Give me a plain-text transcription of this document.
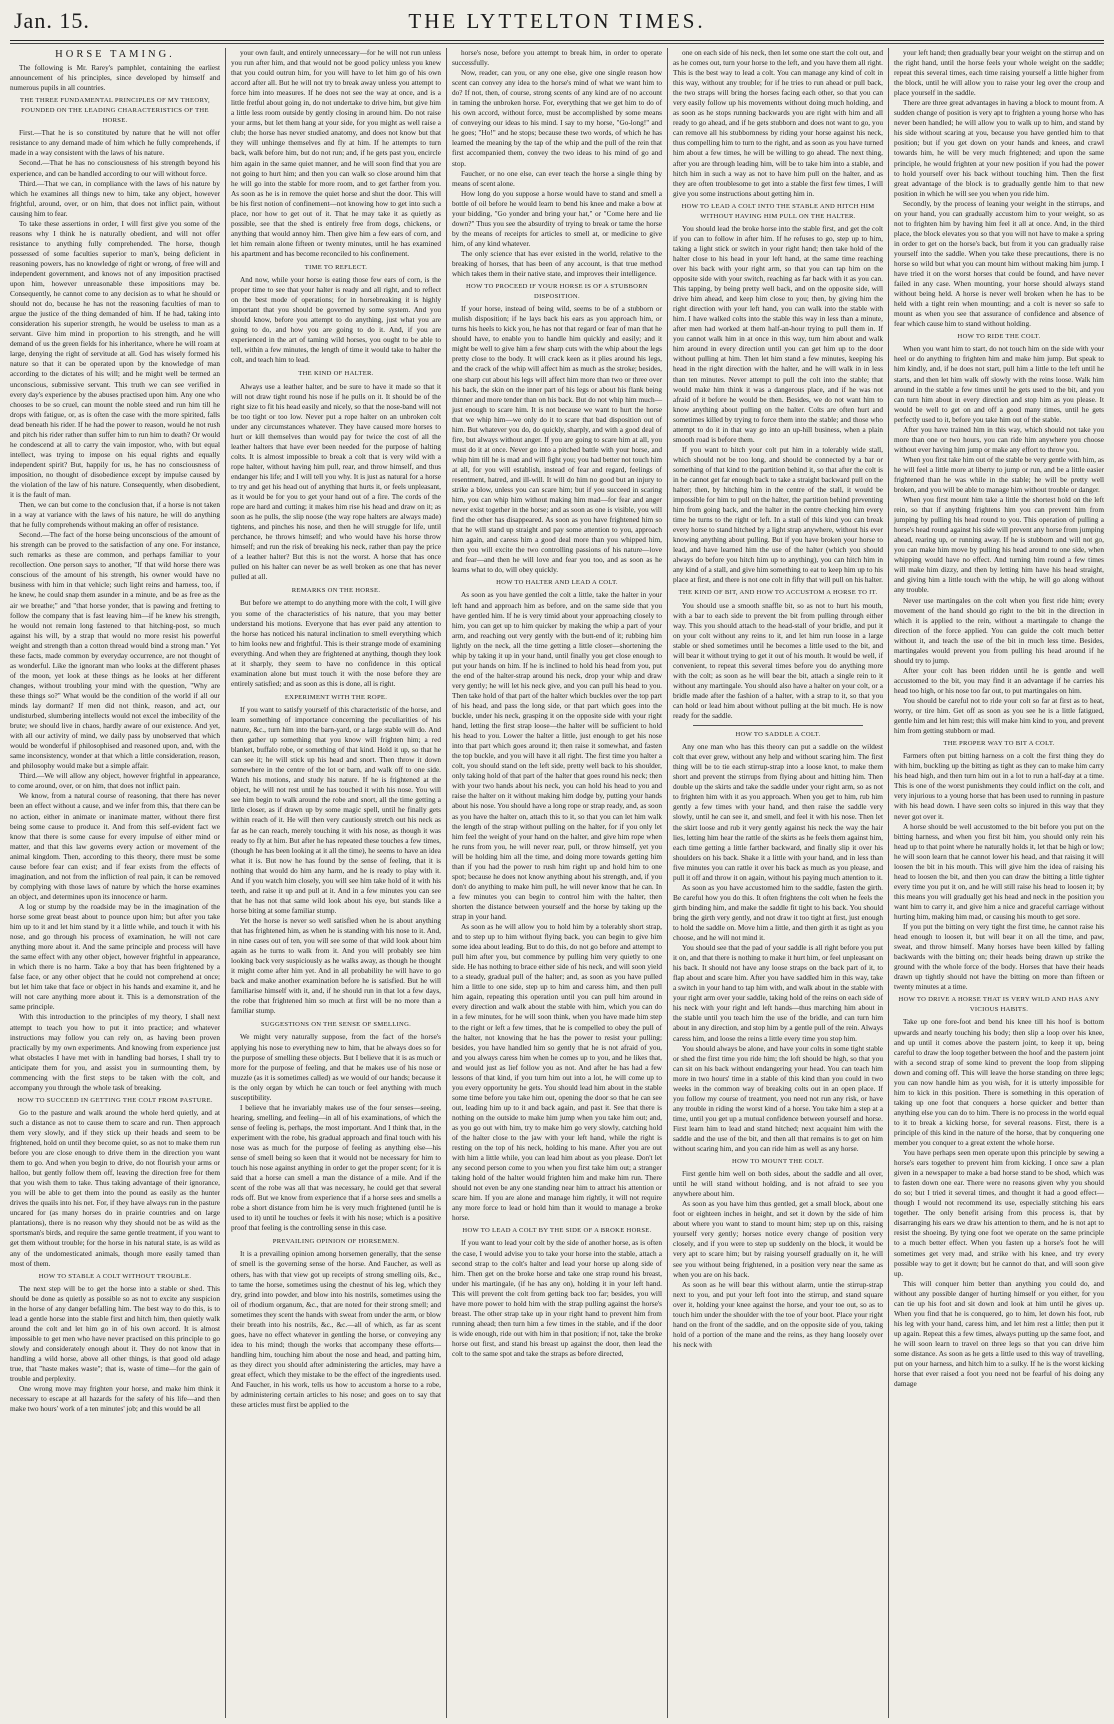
Jan. 15.	THE LYTTELTON TIMES.
HORSE TAMING.

The following is Mr. Rarey's pamphlet, containing the earliest announcement of his principles, since developed by himself and numerous pupils in all countries.

THE THREE FUNDAMENTAL PRINCIPLES OF MY THEORY, FOUNDED ON THE LEADING CHARACTERISTICS OF THE HORSE.

First.—That he is so constituted by nature that he will not offer resistance to any demand made of him which he fully comprehends, if made in a way consistent with the laws of his nature.

Second.—That he has no consciousness of his strength beyond his experience, and can be handled according to our will without force.

Third.—That we can, in compliance with the laws of his nature by which he examines all things new to him, take any object, however frightful, around, over, or on him, that does not inflict pain, without causing him to fear.

To take these assertions in order, I will first give you some of the reasons why I think he is naturally obedient, and will not offer resistance to anything fully comprehended. The horse, though possessed of some faculties superior to man's, being deficient in reasoning powers, has no knowledge of right or wrong, of free will and independent government, and knows not of any imposition practised upon him, however unreasonable these impositions may be. Consequently, he cannot come to any decision as to what he should or should not do, because he has not the reasoning faculties of man to argue the justice of the thing demanded of him. If he had, taking into consideration his superior strength, he would be useless to man as a servant. Give him mind in proportion to his strength, and he will demand of us the green fields for his inheritance, where he will roam at large, denying the right of servitude at all. God has wisely formed his nature so that it can be operated upon by the knowledge of man according to the dictates of his will; and he might well be termed an unconscious, submissive servant. This truth we can see verified in every day's experience by the abuses practised upon him. Any one who chooses to be so cruel, can mount the noble steed and run him till he drops with fatigue, or, as is often the case with the more spirited, falls dead beneath his rider. If he had the power to reason, would he not rush and pitch his rider rather than suffer him to run him to death? Or would he condescend at all to carry the vain impostor, who, with but equal intellect, was trying to impose on his equal rights and equally independent spirit? But, happily for us, he has no consciousness of imposition, no thought of disobedience except by impulse caused by the violation of the law of his nature. Consequently, when disobedient, it is the fault of man.

Then, we can but come to the conclusion that, if a horse is not taken in a way at variance with the laws of his nature, he will do anything that he fully comprehends without making an offer of resistance.

Second.—The fact of the horse being unconscious of the amount of his strength can be proved to the satisfaction of any one. For instance, such remarks as these are common, and perhaps familiar to your recollection. One person says to another, "If that wild horse there was conscious of the amount of his strength, his owner would have no business with him in that vehicle; such light reins and harness, too, if he knew, he could snap them asunder in a minute, and be as free as the air we breathe;" and "that horse yonder, that is pawing and fretting to follow the company that is fast leaving him—if he knew his strength, he would not remain long fastened to that hitching-post, so much against his will, by a strap that would no more resist his powerful weight and strength than a cotton thread would bind a strong man." Yet these facts, made common by everyday occurrence, are not thought of as wonderful. Like the ignorant man who looks at the different phases of the moon, yet look at these things as he looks at her different changes, without troubling your mind with the question, "Why are these things so?" What would be the condition of the world if all our minds lay dormant? If men did not think, reason, and act, our undisturbed, slumbering intellects would not excel the imbecility of the brute; we should live in chaos, hardly aware of our existence. And yet, with all our activity of mind, we daily pass by unobserved that which would be wonderful if philosophised and reasoned upon, and, with the same inconsistency, wonder at that which a little consideration, reason, and philosophy would make but a simple affair.

Third.—We will allow any object, however frightful in appearance, to come around, over, or on him, that does not inflict pain.

We know, from a natural course of reasoning, that there has never been an effect without a cause, and we infer from this, that there can be no action, either in animate or inanimate matter, without there first being some cause to produce it. And from this self-evident fact we know that there is some cause for every impulse of either mind or matter, and that this law governs every action or movement of the animal kingdom. Then, according to this theory, there must be some cause before fear can exist; and if fear exists from the effects of imagination, and not from the infliction of real pain, it can be removed by complying with those laws of nature by which the horse examines an object, and determines upon its innocence or harm.

A log or stump by the roadside may be in the imagination of the horse some great beast about to pounce upon him; but after you take him up to it and let him stand by it a little while, and touch it with his nose, and go through his process of examination, he will not care anything more about it. And the same principle and process will have the same effect with any other object, however frightful in appearance, in which there is no harm. Take a boy that has been frightened by a false face, or any other object that he could not comprehend at once; but let him take that face or object in his hands and examine it, and he will not care anything more about it. This is a demonstration of the same principle.

With this introduction to the principles of my theory, I shall next attempt to teach you how to put it into practice; and whatever instructions may follow you can rely on, as having been proven practically by my own experiments. And knowing from experience just what obstacles I have met with in handling bad horses, I shall try to anticipate them for you, and assist you in surmounting them, by commencing with the first steps to be taken with the colt, and accompany you through the whole task of breaking.

HOW TO SUCCEED IN GETTING THE COLT FROM PASTURE.

Go to the pasture and walk around the whole herd quietly, and at such a distance as not to cause them to scare and run. Then approach them very slowly, and if they stick up their heads and seem to be frightened, hold on until they become quiet, so as not to make them run before you are close enough to drive them in the direction you want them to go. And when you begin to drive, do not flourish your arms or halloo, but gently follow them off, leaving the direction free for them that you wish them to take. Thus taking advantage of their ignorance, you will be able to get them into the pound as easily as the hunter drives the quails into his net. For, if they have always run in the pasture uncared for (as many horses do in prairie countries and on large plantations), there is no reason why they should not be as wild as the sportsman's birds, and require the same gentle treatment, if you want to get them without trouble; for the horse in his natural state, is as wild as any of the undomesticated animals, though more easily tamed than most of them.

HOW TO STABLE A COLT WITHOUT TROUBLE.

The next step will be to get the horse into a stable or shed. This should be done as quietly as possible so as not to excite any suspicion in the horse of any danger befalling him. The best way to do this, is to lead a gentle horse into the stable first and hitch him, then quietly walk around the colt and let him go in of his own accord. It is almost impossible to get men who have never practised on this principle to go slowly and considerately enough about it. They do not know that in handling a wild horse, above all other things, is that good old adage true, that "haste makes waste"; that is, waste of time—for the gain of trouble and perplexity.

One wrong move may frighten your horse, and make him think it necessary to escape at all hazards for the safety of his life—and then make two hours' work of a ten minutes' job; and this would be all

your own fault, and entirely unnecessary—for he will not run unless you run after him, and that would not be good policy unless you knew that you could outrun him, for you will have to let him go of his own accord after all. But he will not try to break away unless you attempt to force him into measures. If he does not see the way at once, and is a little fretful about going in, do not undertake to drive him, but give him a little less room outside by gently closing in around him. Do not raise your arms, but let them hang at your side, for you might as well raise a club; the horse has never studied anatomy, and does not know but that they will unhinge themselves and fly at him. If he attempts to turn back, walk before him, but do not run; and, if he gets past you, encircle him again in the same quiet manner, and he will soon find that you are not going to hurt him; and then you can walk so close around him that he will go into the stable for more room, and to get farther from you. As soon as he is in remove the quiet horse and shut the door. This will be his first notion of confinement—not knowing how to get into such a place, nor how to get out of it. That he may take it as quietly as possible, see that the shed is entirely free from dogs, chickens, or anything that would annoy him. Then give him a few ears of corn, and let him remain alone fifteen or twenty minutes, until he has examined his apartment and has become reconciled to his confinement.

TIME TO REFLECT.

And now, while your horse is eating those few ears of corn, is the proper time to see that your halter is ready and all right, and to reflect on the best mode of operations; for in horsebreaking it is highly important that you should be governed by some system. And you should know, before you attempt to do anything, just what you are going to do, and how you are going to do it. And, if you are experienced in the art of taming wild horses, you ought to be able to tell, within a few minutes, the length of time it would take to halter the colt, and teach him to lead.

THE KIND OF HALTER.

Always use a leather halter, and be sure to have it made so that it will not draw tight round his nose if he pulls on it. It should be of the right size to fit his head easily and nicely, so that the nose-band will not be too tight or too low. Never put a rope halter on an unbroken colt under any circumstances whatever. They have caused more horses to hurt or kill themselves than would pay for twice the cost of all the leather halters that have ever been needed for the purpose of halting colts. It is almost impossible to break a colt that is very wild with a rope halter, without having him pull, rear, and throw himself, and thus endanger his life; and I will tell you why. It is just as natural for a horse to try and get his head out of anything that hurts it, or feels unpleasant, as it would be for you to get your hand out of a fire. The cords of the rope are hard and cutting; it makes him rise his head and draw on it; as soon as he pulls, the slip noose (the way rope halters are always made) tightens, and pinches his nose, and then he will struggle for life, until perchance, he throws himself; and who would have his horse throw himself; and run the risk of breaking his neck, rather than pay the price of a leather halter? But this is not the worst. A horse that has once pulled on his halter can never be as well broken as one that has never pulled at all.

REMARKS ON THE HORSE.

But before we attempt to do anything more with the colt, I will give you some of the characteristics of his nature, that you may better understand his motions. Everyone that has ever paid any attention to the horse has noticed his natural inclination to smell everything which to him looks new and frightful. This is their strange mode of examining everything. And when they are frightened at anything, though they look at it sharply, they seem to have no confidence in this optical examination alone but must touch it with the nose before they are entirely satisfied; and as soon as this is done, all is right.

EXPERIMENT WITH THE ROPE.

If you want to satisfy yourself of this characteristic of the horse, and learn something of importance concerning the peculiarities of his nature, &c., turn him into the barn-yard, or a large stable will do. And then gather up something that you know will frighten him; a red blanket, buffalo robe, or something of that kind. Hold it up, so that he can see it; he will stick up his head and snort. Then throw it down somewhere in the centre of the lot or barn, and walk off to one side. Watch his motions, and study his nature. If he is frightened at the object, he will not rest until he has touched it with his nose. You will see him begin to walk around the robe and snort, all the time getting a little closer, as if drawn up by some magic spell, until he finally gets within reach of it. He will then very cautiously stretch out his neck as far as he can reach, merely touching it with his nose, as though it was ready to fly at him. But after he has repeated these touches a few times, (though he has been looking at it all the time), he seems to have an idea what it is. But now he has found by the sense of feeling, that it is nothing that would do him any harm, and he is ready to play with it. And if you watch him closely, you will see him take hold of it with his teeth, and raise it up and pull at it. And in a few minutes you can see that he has not that same wild look about his eye, but stands like a horse biting at some familiar stump.

Yet the horse is never so well satisfied when he is about anything that has frightened him, as when he is standing with his nose to it. And, in nine cases out of ten, you will see some of that wild look about him again as he turns to walk from it. And you will probably see him looking back very suspiciously as he walks away, as though he thought it might come after him yet. And in all probability he will have to go back and make another examination before he is satisfied. But he will familiarise himself with it, and, if he should run in that lot a few days, the robe that frightened him so much at first will be no more than a familiar stump.

SUGGESTIONS ON THE SENSE OF SMELLING.

We might very naturally suppose, from the fact of the horse's applying his nose to everything new to him, that he always does so for the purpose of smelling these objects. But I believe that it is as much or more for the purpose of feeling, and that he makes use of his nose or muzzle (as it is sometimes called) as we would of our hands; because it is the only organ by which he can touch or feel anything with much susceptibility.

I believe that he invariably makes use of the four senses—seeing, hearing, smelling, and feeling—in all of his examinations, of which the sense of feeling is, perhaps, the most important. And I think that, in the experiment with the robe, his gradual approach and final touch with his nose was as much for the purpose of feeling as anything else—his sense of smell being so keen that it would not be necessary for him to touch his nose against anything in order to get the proper scent; for it is said that a horse can smell a man the distance of a mile. And if the scent of the robe was all that was necessary, he could get that several rods off. But we know from experience that if a horse sees and smells a robe a short distance from him he is very much frightened (until he is used to it) until he touches or feels it with his nose; which is a positive proof that feeling is the controlling sense in this case.

PREVAILING OPINION OF HORSEMEN.

It is a prevailing opinion among horsemen generally, that the sense of smell is the governing sense of the horse. And Faucher, as well as others, has with that view got up receipts of strong smelling oils, &c., to tame the horse, sometimes using the chestnut of his leg, which they dry, grind into powder, and blow into his nostrils, sometimes using the oil of rhodium organum, &c., that are noted for their strong smell; and sometimes they scent the hands with sweat from under the arm, or blow their breath into his nostrils, &c., &c.—all of which, as far as scent goes, have no effect whatever in gentling the horse, or conveying any idea to his mind; though the works that accompany these efforts—handling him, touching him about the nose and head, and patting him, as they direct you should after administering the articles, may have a great effect, which they mistake to be the effect of the ingredients used. And Faucher, in his work, tells us how to accustom a horse to a robe, by administering certain articles to his nose; and goes on to say that these articles must first be applied to the

horse's nose, before you attempt to break him, in order to operate successfully.

Now, reader, can you, or any one else, give one single reason how scent can convey any idea to the horse's mind of what we want him to do? If not, then, of course, strong scents of any kind are of no account in taming the unbroken horse. For, everything that we get him to do of his own accord, without force, must be accomplished by some means of conveying our ideas to his mind. I say to my horse, "Go-long!" and he goes; "Ho!" and he stops; because these two words, of which he has learned the meaning by the tap of the whip and the pull of the rein that first accompanied them, convey the two ideas to his mind of go and stop.

Faucher, or no one else, can ever teach the horse a single thing by means of scent alone.

How long do you suppose a horse would have to stand and smell a bottle of oil before he would learn to bend his knee and make a bow at your bidding, "Go yonder and bring your hat," or "Come here and lie down?" Thus you see the absurdity of trying to break or tame the horse by the means of receipts for articles to smell at, or medicine to give him, of any kind whatever.

The only science that has ever existed in the world, relative to the breaking of horses, that has been of any account, is that true method which takes them in their native state, and improves their intelligence.

HOW TO PROCEED IF YOUR HORSE IS OF A STUBBORN DISPOSITION.

If your horse, instead of being wild, seems to be of a stubborn or mulish disposition; if he lays back his ears as you approach him, or turns his heels to kick you, he has not that regard or fear of man that he should have, to enable you to handle him quickly and easily; and it might be well to give him a few sharp cuts with the whip about the legs pretty close to the body. It will crack keen as it plies around his legs, and the crack of the whip will affect him as much as the stroke; besides, one sharp cut about his legs will affect him more than two or three over his back, the skin on the inner part of his legs or about his flank being thinner and more tender than on his back. But do not whip him much—just enough to scare him. It is not because we want to hurt the horse that we whip him—we only do it to scare that bad disposition out of him. But whatever you do, do quickly, sharply, and with a good deal of fire, but always without anger. If you are going to scare him at all, you must do it at once. Never go into a pitched battle with your horse, and whip him till he is mad and will fight you; you had better not touch him at all, for you will establish, instead of fear and regard, feelings of resentment, hatred, and ill-will. It will do him no good but an injury to strike a blow, unless you can scare him; but if you succeed in scaring him, you can whip him without making him mad—for fear and anger never exist together in the horse; and as soon as one is visible, you will find the other has disappeared. As soon as you have frightened him so that he will stand up straight and pay some attention to you, approach him again, and caress him a good deal more than you whipped him, then you will excite the two controlling passions of his nature—love and fear—and then he will love and fear you too, and as soon as he learns what to do, will obey quickly.

HOW TO HALTER AND LEAD A COLT.

As soon as you have gentled the colt a little, take the halter in your left hand and approach him as before, and on the same side that you have gentled him. If he is very timid about your approaching closely to him, you can get up to him quicker by making the whip a part of your arm, and reaching out very gently with the butt-end of it; rubbing him lightly on the neck, all the time getting a little closer—shortening the whip by taking it up in your hand, until finally you get close enough to put your hands on him. If he is inclined to hold his head from you, put the end of the halter-strap around his neck, drop your whip and draw very gently; he will let his neck give, and you can pull his head to you. Then take hold of that part of the halter which buckles over the top part of his head, and pass the long side, or that part which goes into the buckle, under his neck, grasping it on the opposite side with your right hand, letting the first strap loose—the halter will be sufficient to hold his head to you. Lower the halter a little, just enough to get his nose into that part which goes around it; then raise it somewhat, and fasten the top buckle, and you will have it all right. The first time you halter a colt, you should stand on the left side, pretty well back to his shoulder, only taking hold of that part of the halter that goes round his neck; then with your two hands about his neck, you can hold his head to you and raise the halter on it without making him dodge by, putting your hands about his nose. You should have a long rope or strap ready, and, as soon as you have the halter on, attach this to it, so that you can let him walk the length of the strap without pulling on the halter, for if you only let him feel the weight of your hand on the halter, and give him rope when he runs from you, he will never rear, pull, or throw himself, yet you will be holding him all the time, and doing more towards getting him than if you had the power to rush him right up and hold him to one spot; because he does not know anything about his strength, and, if you don't do anything to make him pull, he will never know that he can. In a few minutes you can begin to control him with the halter, then shorten the distance between yourself and the horse by taking up the strap in your hand.

As soon as he will allow you to hold him by a tolerably short strap, and to step up to him without flying back, you can begin to give him some idea about leading. But to do this, do not go before and attempt to pull him after you, but commence by pulling him very quietly to one side. He has nothing to brace either side of his neck, and will soon yield to a steady, gradual pull of the halter; and, as soon as you have pulled him a little to one side, step up to him and caress him, and then pull him again, repeating this operation until you can pull him around in every direction and walk about the stable with him, which you can do in a few minutes, for he will soon think, when you have made him step to the right or left a few times, that he is compelled to obey the pull of the halter, not knowing that he has the power to resist your pulling; besides, you have handled him so gently that he is not afraid of you, and you always caress him when he comes up to you, and he likes that, and would just as lief follow you as not. And after he has had a few lessons of that kind, if you turn him out into a lot, he will come up to you every opportunity he gets. You should lead him about in the stable some time before you take him out, opening the door so that he can see out, leading him up to it and back again, and past it. See that there is nothing on the outside to make him jump when you take him out; and, as you go out with him, try to make him go very slowly, catching hold of the halter close to the jaw with your left hand, while the right is resting on the top of his neck, holding to his mane. After you are out with him a little while, you can lead him about as you please. Don't let any second person come to you when you first take him out; a stranger taking hold of the halter would frighten him and make him run. There should not even be any one standing near him to attract his attention or scare him. If you are alone and manage him rightly, it will not require any more force to lead or hold him than it would to manage a broke horse.

HOW TO LEAD A COLT BY THE SIDE OF A BROKE HORSE.

If you want to lead your colt by the side of another horse, as is often the case, I would advise you to take your horse into the stable, attach a second strap to the colt's halter and lead your horse up along side of him. Then get on the broke horse and take one strap round his breast, under his martingale, (if he has any on), holding it in your left hand. This will prevent the colt from getting back too far; besides, you will have more power to hold him with the strap pulling against the horse's breast. The other strap take up in your right hand to prevent him from running ahead; then turn him a few times in the stable, and if the door is wide enough, ride out with him in that position; if not, take the broke horse out first, and stand his breast up against the door, then lead the colt to the same spot and take the straps as before directed,

one on each side of his neck, then let some one start the colt out, and as he comes out, turn your horse to the left, and you have them all right. This is the best way to lead a colt. You can manage any kind of colt in this way, without any trouble; for if he tries to run ahead or pull back, the two straps will bring the horses facing each other, so that you can very easily follow up his movements without doing much holding, and as soon as he stops running backwards you are right with him and all ready to go ahead, and if he gets stubborn and does not want to go, you can remove all his stubbornness by riding your horse against his neck, thus compelling him to turn to the right, and as soon as you have turned him about a few times, he will be willing to go ahead. The next thing, after you are through leading him, will be to take him into a stable, and hitch him in such a way as not to have him pull on the halter, and as they are often troublesome to get into a stable the first few times, I will give you some instructions about getting him in.

HOW TO LEAD A COLT INTO THE STABLE AND HITCH HIM WITHOUT HAVING HIM PULL ON THE HALTER.

You should lead the broke horse into the stable first, and get the colt if you can to follow in after him. If he refuses to go, step up to him, taking a light stick or switch in your right hand; then take hold of the halter close to his head in your left hand, at the same time reaching over his back with your right arm, so that you can tap him on the opposite side with your switch, reaching as far back with it as you can. This tapping, by being pretty well back, and on the opposite side, will drive him ahead, and keep him close to you; then, by giving him the right direction with your left hand, you can walk into the stable with him. I have walked colts into the stable this way in less than a minute, after men had worked at them half-an-hour trying to pull them in. If you cannot walk him in at once in this way, turn him about and walk him around in every direction until you can get him up to the door without pulling at him. Then let him stand a few minutes, keeping his head in the right direction with the halter, and he will walk in in less than ten minutes. Never attempt to pull the colt into the stable; that would make him think it was a dangerous place, and if he was not afraid of it before he would be then. Besides, we do not want him to know anything about pulling on the halter. Colts are often hurt and sometimes killed by trying to force them into the stable; and those who attempt to do it in that way go into an up-hill business, when a plain smooth road is before them.

If you want to hitch your colt put him in a tolerably wide stall, which should not be too long, and should be connected by a bar or something of that kind to the partition behind it, so that after the colt is in he cannot get far enough back to take a straight backward pull on the halter; then, by hitching him in the centre of the stall, it would be impossible for him to pull on the halter, the partition behind preventing him from going back, and the halter in the centre checking him every time he turns to the right or left. In a stall of this kind you can break every horse to stand hitched by a light strap anywhere, without his ever knowing anything about pulling. But if you have broken your horse to lead, and have learned him the use of the halter (which you should always do before you hitch him up to anything), you can hitch him in any kind of a stall, and give him something to eat to keep him up to his place at first, and there is not one colt in fifty that will pull on his halter.

THE KIND OF BIT, AND HOW TO ACCUSTOM A HORSE TO IT.

You should use a smooth snaffle bit, so as not to hurt his mouth, with a bar to each side to prevent the bit from pulling through either way. This you should attach to the head-stall of your bridle, and put it on your colt without any reins to it, and let him run loose in a large stable or shed sometimes until he becomes a little used to the bit, and will bear it without trying to get it out of his mouth. It would be well, if convenient, to repeat this several times before you do anything more with the colt; as soon as he will bear the bit, attach a single rein to it without any martingale. You should also have a halter on your colt, or a bridle made after the fashion of a halter, with a strap to it, so that you can hold or lead him about without pulling at the bit much. He is now ready for the saddle.

HOW TO SADDLE A COLT.

Any one man who has this theory can put a saddle on the wildest colt that ever grew, without any help and without scaring him. The first thing will be to tie each stirrup-strap into a loose knot, to make them short and prevent the stirrups from flying about and hitting him. Then double up the skirts and take the saddle under your right arm, so as not to frighten him with it as you approach. When you get to him, rub him gently a few times with your hand, and then raise the saddle very slowly, until he can see it, and smell, and feel it with his nose. Then let the skirt loose and rub it very gently against his neck the way the hair lies, letting him hear the rattle of the skirts as he feels them against him, each time getting a little farther backward, and finally slip it over his shoulders on his back. Shake it a little with your hand, and in less than five minutes you can rattle it over his back as much as you please, and pull it off and throw it on again, without his paying much attention to it.

As soon as you have accustomed him to the saddle, fasten the girth. Be careful how you do this. It often frightens the colt when he feels the girth binding him, and make the saddle fit tight to his back. You should bring the girth very gently, and not draw it too tight at first, just enough to hold the saddle on. Move him a little, and then girth it as tight as you choose, and he will not mind it.

You should see that the pad of your saddle is all right before you put it on, and that there is nothing to make it hurt him, or feel unpleasant on his back. It should not have any loose straps on the back part of it, to flap about and scare him. After you have saddled him in this way, take a switch in your hand to tap him with, and walk about in the stable with your right arm over your saddle, taking hold of the reins on each side of his neck with your right and left hands—thus marching him about in the stable until you teach him the use of the bridle, and can turn him about in any direction, and stop him by a gentle pull of the rein. Always caress him, and loose the reins a little every time you stop him.

You should always be alone, and have your colts in some tight stable or shed the first time you ride him; the loft should be high, so that you can sit on his back without endangering your head. You can teach him more in two hours' time in a stable of this kind than you could in two weeks in the common way of breaking colts out in an open place. If you follow my course of treatment, you need not run any risk, or have any trouble in riding the worst kind of a horse. You take him a step at a time, until you get up a mutual confidence between yourself and horse. First learn him to lead and stand hitched; next acquaint him with the saddle and the use of the bit, and then all that remains is to get on him without scaring him, and you can ride him as well as any horse.

HOW TO MOUNT THE COLT.

First gentle him well on both sides, about the saddle and all over, until he will stand without holding, and is not afraid to see you anywhere about him.

As soon as you have him thus gentled, get a small block, about one foot or eighteen inches in height, and set it down by the side of him about where you want to stand to mount him; step up on this, raising yourself very gently; horses notice every change of position very closely, and if you were to step up suddenly on the block, it would be very apt to scare him; but by raising yourself gradually on it, he will see you without being frightened, in a position very near the same as when you are on his back.

As soon as he will bear this without alarm, untie the stirrup-strap next to you, and put your left foot into the stirrup, and stand square over it, holding your knee against the horse, and your toe out, so as to touch him under the shoulder with the toe of your boot. Place your right hand on the front of the saddle, and on the opposite side of you, taking hold of a portion of the mane and the reins, as they hang loosely over his neck with

your left hand; then gradually bear your weight on the stirrup and on the right hand, until the horse feels your whole weight on the saddle; repeat this several times, each time raising yourself a little higher from the block, until he will allow you to raise your leg over the croup and place yourself in the saddle.

There are three great advantages in having a block to mount from. A sudden change of position is very apt to frighten a young horse who has never been handled; he will allow you to walk up to him, and stand by his side without scaring at you, because you have gentled him to that position; but if you get down on your hands and knees, and crawl towards him, he will be very much frightened; and upon the same principle, he would frighten at your new position if you had the power to hold yourself over his back without touching him. Then the first great advantage of the block is to gradually gentle him to that new position in which he will see you when you ride him.

Secondly, by the process of leaning your weight in the stirrups, and on your hand, you can gradually accustom him to your weight, so as not to frighten him by having him feel it all at once. And, in the third place, the block elevates you so that you will not have to make a spring in order to get on the horse's back, but from it you can gradually raise yourself into the saddle. When you take these precautions, there is no horse so wild but what you can mount him without making him jump. I have tried it on the worst horses that could be found, and have never failed in any case. When mounting, your horse should always stand without being held. A horse is never well broken when he has to be held with a tight rein when mounting; and a colt is never so safe to mount as when you see that assurance of confidence and absence of fear which cause him to stand without holding.

HOW TO RIDE THE COLT.

When you want him to start, do not touch him on the side with your heel or do anything to frighten him and make him jump. But speak to him kindly, and, if he does not start, pull him a little to the left until he starts, and then let him walk off slowly with the reins loose. Walk him around in the stable a few times until he gets used to the bit, and you can turn him about in every direction and stop him as you please. It would be well to get on and off a good many times, until he gets perfectly used to it, before you take him out of the stable.

After you have trained him in this way, which should not take you more than one or two hours, you can ride him anywhere you choose without ever having him jump or make any effort to throw you.

When you first take him out of the stable be very gentle with him, as he will feel a little more at liberty to jump or run, and be a little easier frightened than he was while in the stable; he will be pretty well broken, and you will be able to manage him without trouble or danger.

When you first mount him take a little the shortest hold on the left rein, so that if anything frightens him you can prevent him from jumping by pulling his head round to you. This operation of pulling a horse's head round against his side will prevent any horse from jumping ahead, rearing up, or running away. If he is stubborn and will not go, you can make him move by pulling his head around to one side, when whipping would have no effect. And turning him round a few times will make him dizzy, and then by letting him have his head straight, and giving him a little touch with the whip, he will go along without any trouble.

Never use martingales on the colt when you first ride him; every movement of the hand should go right to the bit in the direction in which it is applied to the rein, without a martingale to change the direction of the force applied. You can guide the colt much better without it, and teach the use of the bit in much less time. Besides, martingales would prevent you from pulling his head around if he should try to jump.

After your colt has been ridden until he is gentle and well accustomed to the bit, you may find it an advantage if he carries his head too high, or his nose too far out, to put martingales on him.

You should be careful not to ride your colt so far at first as to heat, worry, or tire him. Get off as soon as you see he is a little fatigued, gentle him and let him rest; this will make him kind to you, and prevent him from getting stubborn or mad.

THE PROPER WAY TO BIT A COLT.

Farmers often put bitting harness on a colt the first thing they do with him, buckling up the bitting as tight as they can to make him carry his head high, and then turn him out in a lot to run a half-day at a time. This is one of the worst punishments they could inflict on the colt, and very injurious to a young horse that has been used to running in pasture with his head down. I have seen colts so injured in this way that they never got over it.

A horse should be well accustomed to the bit before you put on the bitting harness, and when you first bit him, you should only rein his head up to that point where he naturally holds it, let that be high or low; he will soon learn that he cannot lower his head, and that raising it will loosen the bit in his mouth. This will give him the idea of raising his head to loosen the bit, and then you can draw the bitting a little tighter every time you put it on, and he will still raise his head to loosen it; by this means you will gradually get his head and neck in the position you want him to carry it, and give him a nice and graceful carriage without hurting him, making him mad, or causing his mouth to get sore.

If you put the bitting on very tight the first time, he cannot raise his head enough to loosen it, but will bear it on all the time, and paw, sweat, and throw himself. Many horses have been killed by falling backwards with the bitting on; their heads being drawn up strike the ground with the whole force of the body. Horses that have their heads drawn up tightly should not have the bitting on more than fifteen or twenty minutes at a time.

HOW TO DRIVE A HORSE THAT IS VERY WILD AND HAS ANY VICIOUS HABITS.

Take up one fore-foot and bend his knee till his hoof is bottom upwards and nearly touching his body; then slip a loop over his knee, and up until it comes above the pastern joint, to keep it up, being careful to draw the loop together between the hoof and the pastern joint with a second strap of some kind to prevent the loop from slipping down and coming off. This will leave the horse standing on three legs; you can now handle him as you wish, for it is utterly impossible for him to kick in this position. There is something in this operation of taking up one foot that conquers a horse quicker and better than anything else you can do to him. There is no process in the world equal to it to break a kicking horse, for several reasons. First, there is a principle of this kind in the nature of the horse, that by conquering one member you conquer to a great extent the whole horse.

You have perhaps seen men operate upon this principle by sewing a horse's ears together to prevent him from kicking. I once saw a plan given in a newspaper to make a bad horse stand to be shod, which was to fasten down one ear. There were no reasons given why you should do so; but I tried it several times, and thought it had a good effect—though I would not recommend its use, especially stitching his ears together. The only benefit arising from this process is, that by disarranging his ears we draw his attention to them, and he is not apt to resist the shoeing. By tying one foot we operate on the same principle to a much better effect. When you fasten up a horse's foot he will sometimes get very mad, and strike with his knee, and try every possible way to get it down; but he cannot do that, and will soon give up.

This will conquer him better than anything you could do, and without any possible danger of hurting himself or you either, for you can tie up his foot and sit down and look at him until he gives up. When you find that he is conquered, go to him, let down his foot, rub his leg with your hand, caress him, and let him rest a little; then put it up again. Repeat this a few times, always putting up the same foot, and he will soon learn to travel on three legs so that you can drive him some distance. As soon as he gets a little used to this way of travelling, put on your harness, and hitch him to a sulky. If he is the worst kicking horse that ever raised a foot you need not be fearful of his doing any damage
